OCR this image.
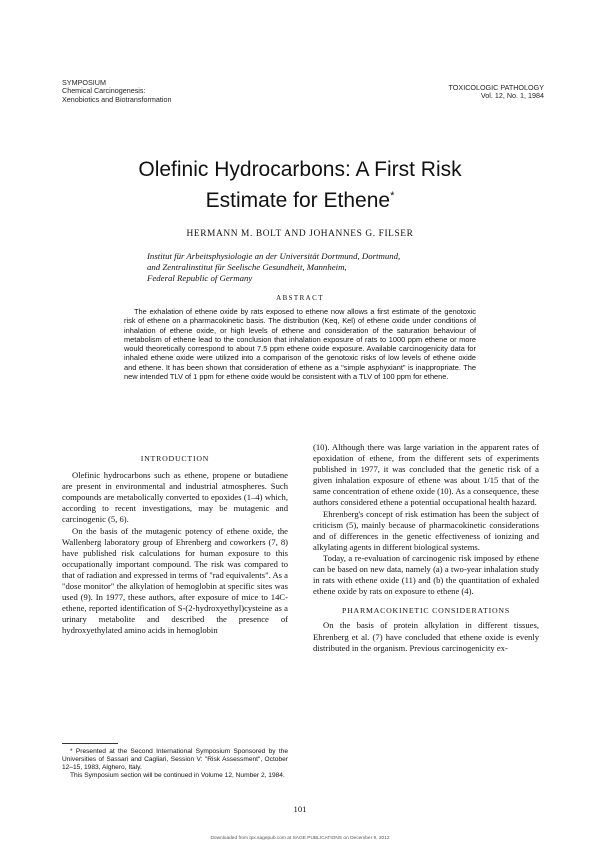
SYMPOSIUM
Chemical Carcinogenesis:
Xenobiotics and Biotransformation
TOXICOLOGIC PATHOLOGY
Vol. 12, No. 1, 1984
Olefinic Hydrocarbons: A First Risk
Estimate for Ethene*
HERMANN M. BOLT AND JOHANNES G. FILSER
Institut für Arbeitsphysiologie an der Universität Dortmund, Dortmund,
and Zentralinstitut für Seelische Gesundheit, Mannheim,
Federal Republic of Germany
ABSTRACT

The exhalation of ethene oxide by rats exposed to ethene now allows a first estimate of the genotoxic risk of ethene on a pharmacokinetic basis. The distribution (Keq, Kel) of ethene oxide under conditions of inhalation of ethene oxide, or high levels of ethene and consideration of the saturation behaviour of metabolism of ethene lead to the conclusion that inhalation exposure of rats to 1000 ppm ethene or more would theoretically correspond to about 7.5 ppm ethene oxide exposure. Available carcinogenicity data for inhaled ethene oxide were utilized into a comparison of the genotoxic risks of low levels of ethene oxide and ethene. It has been shown that consideration of ethene as a "simple asphyxiant" is inappropriate. The new intended TLV of 1 ppm for ethene oxide would be consistent with a TLV of 100 ppm for ethene.

INTRODUCTION

Olefinic hydrocarbons such as ethene, propene or butadiene are present in environmental and industrial atmospheres. Such compounds are metabolically converted to epoxides (1–4) which, according to recent investigations, may be mutagenic and carcinogenic (5, 6).

On the basis of the mutagenic potency of ethene oxide, the Wallenberg laboratory group of Ehrenberg and coworkers (7, 8) have published risk calculations for human exposure to this occupationally important compound. The risk was compared to that of radiation and expressed in terms of "rad equivalents". As a "dose monitor" the alkylation of hemoglobin at specific sites was used (9). In 1977, these authors, after exposure of mice to 14C-ethene, reported identification of S-(2-hydroxyethyl)cysteine as a urinary metabolite and described the presence of hydroxyethylated amino acids in hemoglobin

(10). Although there was large variation in the apparent rates of epoxidation of ethene, from the different sets of experiments published in 1977, it was concluded that the genetic risk of a given inhalation exposure of ethene was about 1/15 that of the same concentration of ethene oxide (10). As a consequence, these authors considered ethene a potential occupational health hazard.

Ehrenberg's concept of risk estimation has been the subject of criticism (5), mainly because of pharmacokinetic considerations and of differences in the genetic effectiveness of ionizing and alkylating agents in different biological systems.

Today, a re-evaluation of carcinogenic risk imposed by ethene can be based on new data, namely (a) a two-year inhalation study in rats with ethene oxide (11) and (b) the quantitation of exhaled ethene oxide by rats on exposure to ethene (4).

PHARMACOKINETIC CONSIDERATIONS

On the basis of protein alkylation in different tissues, Ehrenberg et al. (7) have concluded that ethene oxide is evenly distributed in the organism. Previous carcinogenicity ex-

* Presented at the Second International Symposium Sponsored by the Universities of Sassari and Cagliari, Session V: "Risk Assessment", October 12–15, 1983, Alghero, Italy.

This Symposium section will be continued in Volume 12, Number 2, 1984.

101
Downloaded from tpx.sagepub.com at SAGE PUBLICATIONS on December 9, 2012
